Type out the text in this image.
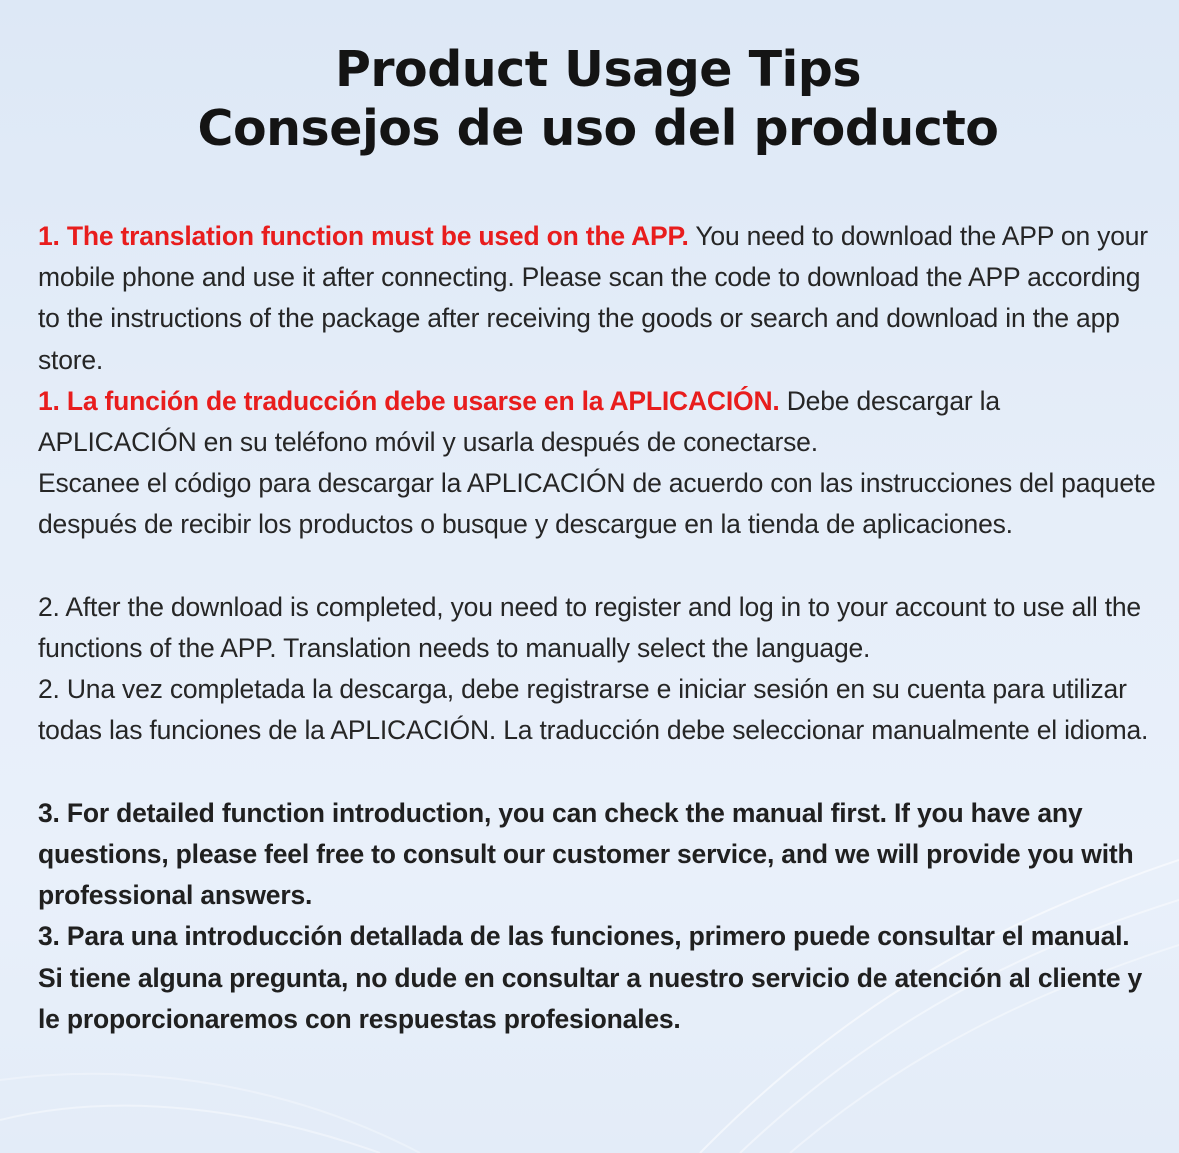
Product Usage Tips
Consejos de uso del producto

1. The translation function must be used on the APP. You need to download the APP on your mobile phone and use it after connecting. Please scan the code to download the APP according to the instructions of the package after receiving the goods or search and download in the app store.

1. La función de traducción debe usarse en la APLICACIÓN. Debe descargar la APLICACIÓN en su teléfono móvil y usarla después de conectarse.

Escanee el código para descargar la APLICACIÓN de acuerdo con las instrucciones del paquete después de recibir los productos o busque y descargue en la tienda de aplicaciones.

2. After the download is completed, you need to register and log in to your account to use all the functions of the APP. Translation needs to manually select the language.

2. Una vez completada la descarga, debe registrarse e iniciar sesión en su cuenta para utilizar todas las funciones de la APLICACIÓN. La traducción debe seleccionar manualmente el idioma.

3. For detailed function introduction, you can check the manual first. If you have any questions, please feel free to consult our customer service, and we will provide you with professional answers.

3. Para una introducción detallada de las funciones, primero puede consultar el manual. Si tiene alguna pregunta, no dude en consultar a nuestro servicio de atención al cliente y le proporcionaremos con respuestas profesionales.
